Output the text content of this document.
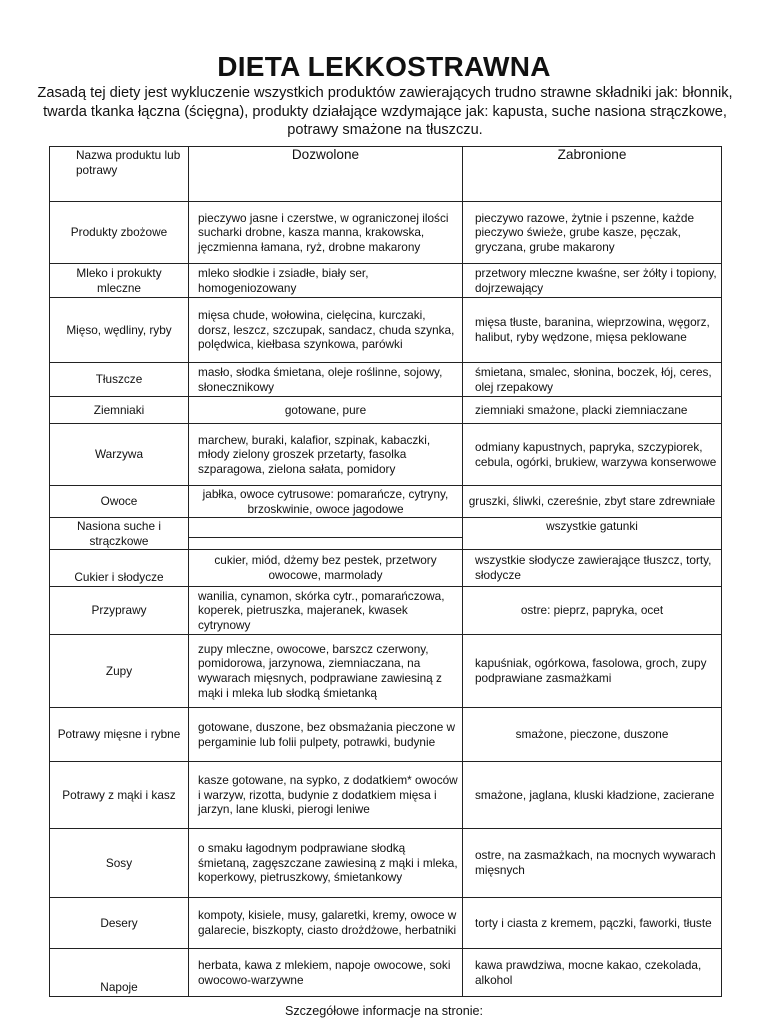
DIETA LEKKOSTRAWNA
Zasadą tej diety jest wykluczenie wszystkich produktów zawierających trudno strawne składniki jak: błonnik, twarda tkanka łączna (ścięgna), produkty działające wzdymające jak: kapusta, suche nasiona strączkowe, potrawy smażone na tłuszczu.
Nazwa produktu lub potrawy	Dozwolone	Zabronione
Produkty zbożowe	pieczywo jasne i czerstwe, w ograniczonej ilości sucharki drobne, kasza manna, krakowska, jęczmienna łamana, ryż, drobne makarony	pieczywo razowe, żytnie i pszenne, każde pieczywo świeże, grube kasze, pęczak, gryczana, grube makarony
Mleko i prokukty mleczne	mleko słodkie i zsiadłe, biały ser, homogeniozowany	przetwory mleczne kwaśne, ser żółty i topiony, dojrzewający
Mięso, wędliny, ryby	mięsa chude, wołowina, cielęcina, kurczaki, dorsz, leszcz, szczupak, sandacz, chuda szynka, polędwica, kiełbasa szynkowa, parówki	mięsa tłuste, baranina, wieprzowina, węgorz, halibut, ryby wędzone, mięsa peklowane
Tłuszcze	masło, słodka śmietana, oleje roślinne, sojowy, słonecznikowy	śmietana, smalec, słonina, boczek, łój, ceres, olej rzepakowy
Ziemniaki	gotowane, pure	ziemniaki smażone, placki ziemniaczane
Warzywa	marchew, buraki, kalafior, szpinak, kabaczki, młody zielony groszek przetarty, fasolka szparagowa, zielona sałata, pomidory	odmiany kapustnych, papryka, szczypiorek, cebula, ogórki, brukiew, warzywa konserwowe
Owoce	jabłka, owoce cytrusowe: pomarańcze, cytryny, brzoskwinie, owoce jagodowe	gruszki, śliwki, czereśnie, zbyt stare zdrewniałe
Nasiona suche i strączkowe		wszystkie gatunki
Cukier i słodycze	cukier, miód, dżemy bez pestek, przetwory owocowe, marmolady	wszystkie słodycze zawierające tłuszcz, torty, słodycze
Przyprawy	wanilia, cynamon, skórka cytr., pomarańczowa, koperek, pietruszka, majeranek, kwasek cytrynowy	ostre: pieprz, papryka, ocet
Zupy	zupy mleczne, owocowe, barszcz czerwony, pomidorowa, jarzynowa, ziemniaczana, na wywarach mięsnych, podprawiane zawiesiną z mąki i mleka lub słodką śmietanką	kapuśniak, ogórkowa, fasolowa, groch, zupy podprawiane zasmażkami
Potrawy mięsne i rybne	gotowane, duszone, bez obsmażania pieczone w pergaminie lub folii pulpety, potrawki, budynie	smażone, pieczone, duszone
Potrawy z mąki i kasz	kasze gotowane, na sypko, z dodatkiem* owoców i warzyw, rizotta, budynie z dodatkiem mięsa i jarzyn, lane kluski, pierogi leniwe	smażone, jaglana, kluski kładzione, zacierane
Sosy	o smaku łagodnym podprawiane słodką śmietaną, zagęszczane zawiesiną z mąki i mleka, koperkowy, pietruszkowy, śmietankowy	ostre, na zasmażkach, na mocnych wywarach mięsnych
Desery	kompoty, kisiele, musy, galaretki, kremy, owoce w galarecie, biszkopty, ciasto drożdżowe, herbatniki	torty i ciasta z kremem, pączki, faworki, tłuste
Napoje	herbata, kawa z mlekiem, napoje owocowe, soki owocowo-warzywne	kawa prawdziwa, mocne kakao, czekolada, alkohol
Szczegółowe informacje na stronie:
